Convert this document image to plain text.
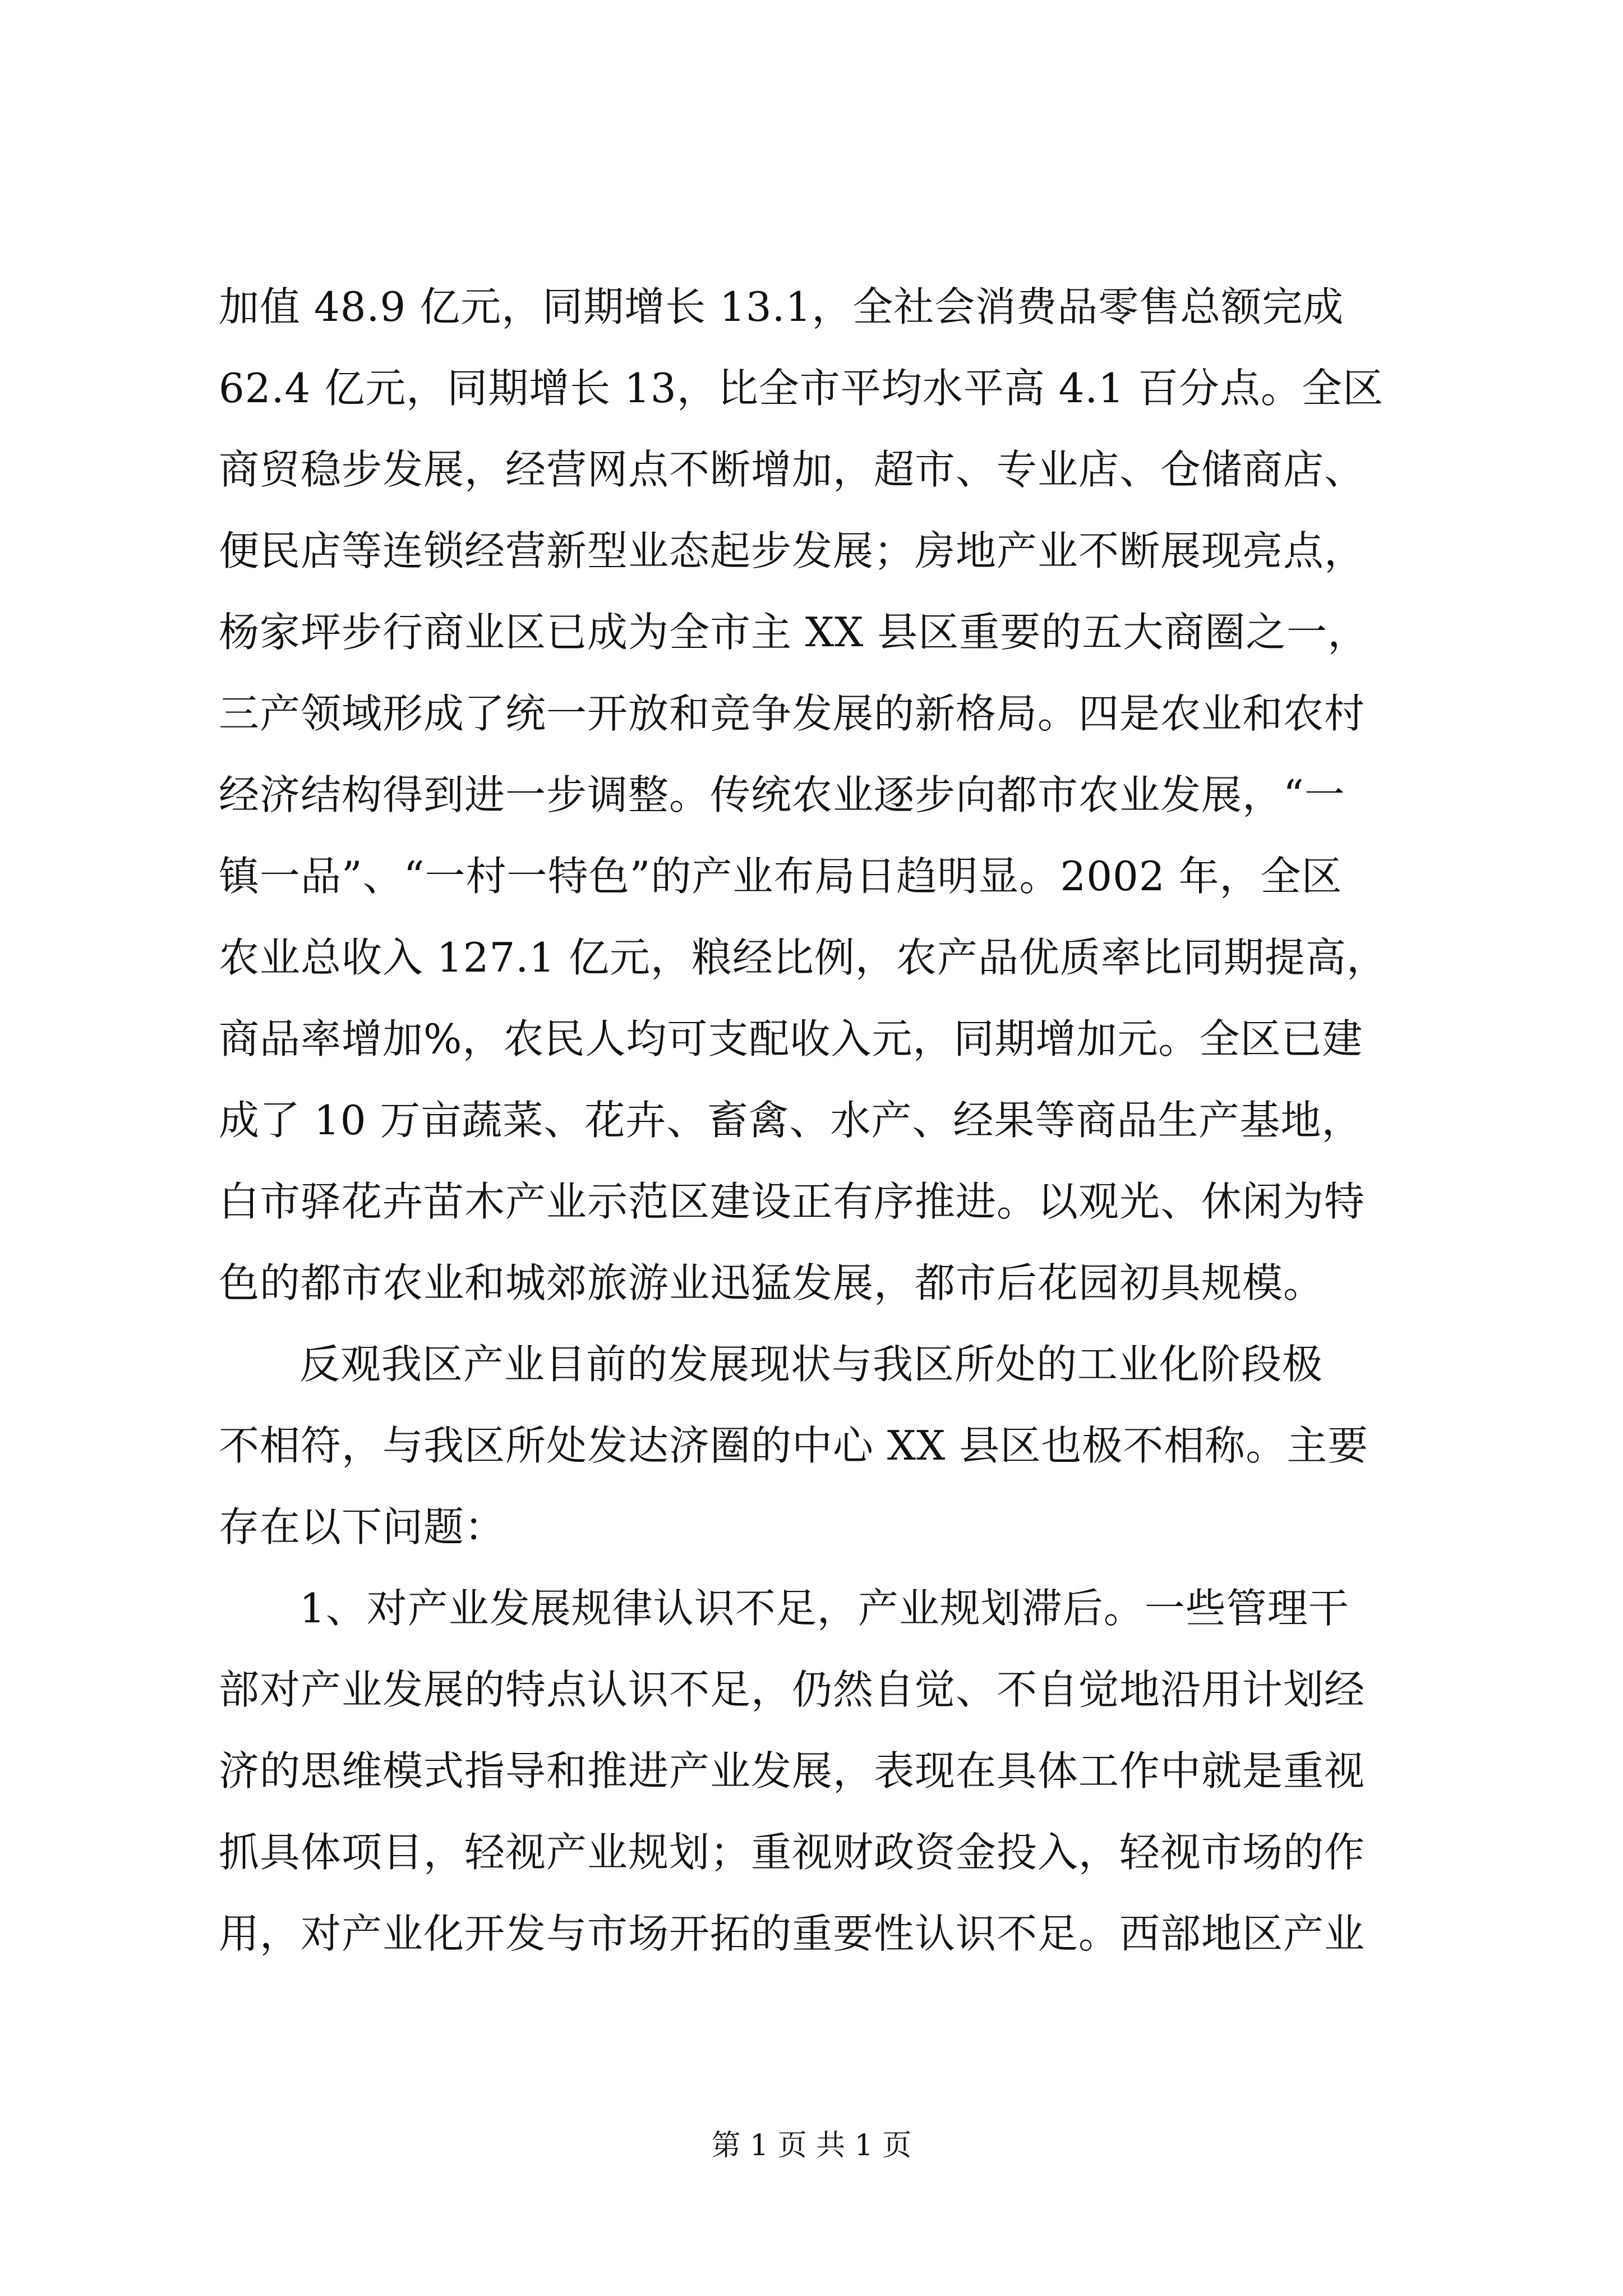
加值 48.9 亿元，同期增长 13.1，全社会消费品零售总额完成
62.4 亿元，同期增长 13，比全市平均水平高 4.1 百分点。全区
商贸稳步发展，经营网点不断增加，超市、专业店、仓储商店、
便民店等连锁经营新型业态起步发展；房地产业不断展现亮点，
杨家坪步行商业区已成为全市主 XX 县区重要的五大商圈之一，
三产领域形成了统一开放和竞争发展的新格局。四是农业和农村
经济结构得到进一步调整。传统农业逐步向都市农业发展，“一
镇一品”、“一村一特色”的产业布局日趋明显。2002 年，全区
农业总收入 127.1 亿元，粮经比例，农产品优质率比同期提高，
商品率增加%，农民人均可支配收入元，同期增加元。全区已建
成了 10 万亩蔬菜、花卉、畜禽、水产、经果等商品生产基地，
白市驿花卉苗木产业示范区建设正有序推进。以观光、休闲为特
色的都市农业和城郊旅游业迅猛发展，都市后花园初具规模。
反观我区产业目前的发展现状与我区所处的工业化阶段极
不相符，与我区所处发达济圈的中心 XX 县区也极不相称。主要
存在以下问题：
1、对产业发展规律认识不足，产业规划滞后。一些管理干
部对产业发展的特点认识不足，仍然自觉、不自觉地沿用计划经
济的思维模式指导和推进产业发展，表现在具体工作中就是重视
抓具体项目，轻视产业规划；重视财政资金投入，轻视市场的作
用，对产业化开发与市场开拓的重要性认识不足。西部地区产业
第 1 页 共 1 页
